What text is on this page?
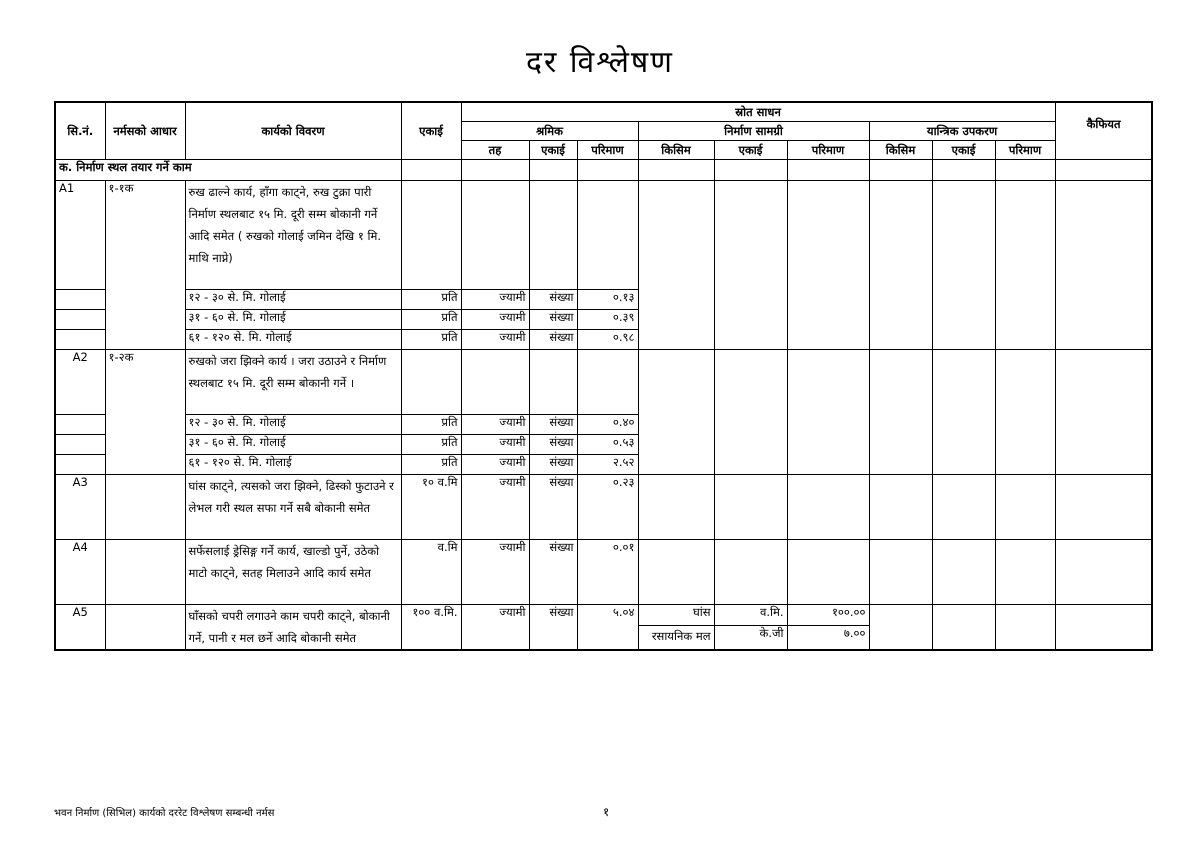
दर विश्लेषण
सि.नं.	नर्मसको आधार	कार्यको विवरण	एकाई	स्रोत साधन									कैफियत	
				श्रमिक			निर्माण सामग्री			यान्त्रिक उपकरण				
				तह	एकाई	परिमाण	किसिम	एकाई	परिमाण	किसिम	एकाई	परिमाण		
क. निर्माण स्थल तयार गर्ने काम														
A1	१-१क	रुख ढाल्ने कार्य, हाँगा काट्ने, रुख टुक्रा पारी निर्माण स्थलबाट १५ मि. दूरी सम्म बोकानी गर्ने आदि समेत ( रुखको गोलाई जमिन देखि १ मि. माथि नाप्ने)												
		१२ - ३० से. मि. गोलाई	प्रति	ज्यामी	संख्या	०.१३								
		३१ - ६० से. मि. गोलाई	प्रति	ज्यामी	संख्या	०.३९								
		६१ - १२० से. मि. गोलाई	प्रति	ज्यामी	संख्या	०.९८								
A2	१-२क	रुखको जरा झिक्ने कार्य । जरा उठाउने र निर्माण स्थलबाट १५ मि. दूरी सम्म बोकानी गर्ने ।												
		१२ - ३० से. मि. गोलाई	प्रति	ज्यामी	संख्या	०.४०								
		३१ - ६० से. मि. गोलाई	प्रति	ज्यामी	संख्या	०.५३								
		६१ - १२० से. मि. गोलाई	प्रति	ज्यामी	संख्या	२.५२								
A3		घांस काट्ने, त्यसको जरा झिक्ने, ढिस्को फुटाउने र लेभल गरी स्थल सफा गर्ने सबै बोकानी समेत	१० व.मि	ज्यामी	संख्या	०.२३								
A4		सर्फेसलाई ड्रेसिङ्ग गर्ने कार्य, खाल्डो पुर्ने, उठेको माटो काट्ने, सतह मिलाउने आदि कार्य समेत	व.मि	ज्यामी	संख्या	०.०१								
A5		घाँसको चपरी लगाउने काम चपरी काट्ने, बोकानी गर्ने, पानी र मल छर्ने आदि बोकानी समेत	१०० व.मि.	ज्यामी	संख्या	५.०४	घांस	व.मि.	१००.००					
							रसायनिक मल	के.जी	७.००					
भवन निर्माण (सिभिल) कार्यको दररेट विश्लेषण सम्बन्धी नर्मस	१
